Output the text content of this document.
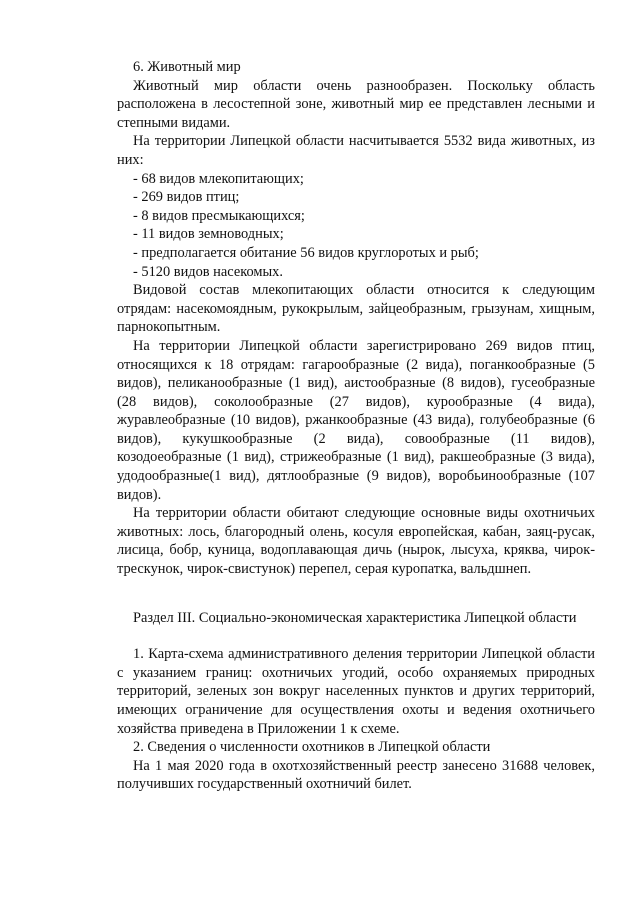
6. Животный мир

Животный мир области очень разнообразен. Поскольку область расположена в лесостепной зоне, животный мир ее представлен лесными и степными видами.

На территории Липецкой области насчитывается 5532 вида животных, из них:

- 68 видов млекопитающих;

- 269 видов птиц;

- 8 видов пресмыкающихся;

- 11 видов земноводных;

- предполагается обитание 56 видов круглоротых и рыб;

- 5120 видов насекомых.

Видовой состав млекопитающих области относится к следующим отрядам: насекомоядным, рукокрылым, зайцеобразным, грызунам, хищным, парнокопытным.

На территории Липецкой области зарегистрировано 269 видов птиц, относящихся к 18 отрядам: гагарообразные (2 вида), поганкообразные (5 видов), пеликанообразные (1 вид), аистообразные (8 видов), гусеобразные (28 видов), соколообразные (27 видов), курообразные (4 вида), журавлеобразные (10 видов), ржанкообразные (43 вида), голубеобразные (6 видов), кукушкообразные (2 вида), совообразные (11 видов), козодоеобразные (1 вид), стрижеобразные (1 вид), ракшеобразные (3 вида), удодообразные(1 вид), дятлообразные (9 видов), воробьинообразные (107 видов).

На территории области обитают следующие основные виды охотничьих животных: лось, благородный олень, косуля европейская, кабан, заяц-русак, лисица, бобр, куница, водоплавающая дичь (нырок, лысуха, кряква, чирок-трескунок, чирок-свистунок) перепел, серая куропатка, вальдшнеп.

Раздел III. Социально-экономическая характеристика Липецкой области

1. Карта-схема административного деления территории Липецкой области с указанием границ: охотничьих угодий, особо охраняемых природных территорий, зеленых зон вокруг населенных пунктов и других территорий, имеющих ограничение для осуществления охоты и ведения охотничьего хозяйства приведена в Приложении 1 к схеме.

2. Сведения о численности охотников в Липецкой области

На 1 мая 2020 года в охотхозяйственный реестр занесено 31688 человек, получивших государственный охотничий билет.
